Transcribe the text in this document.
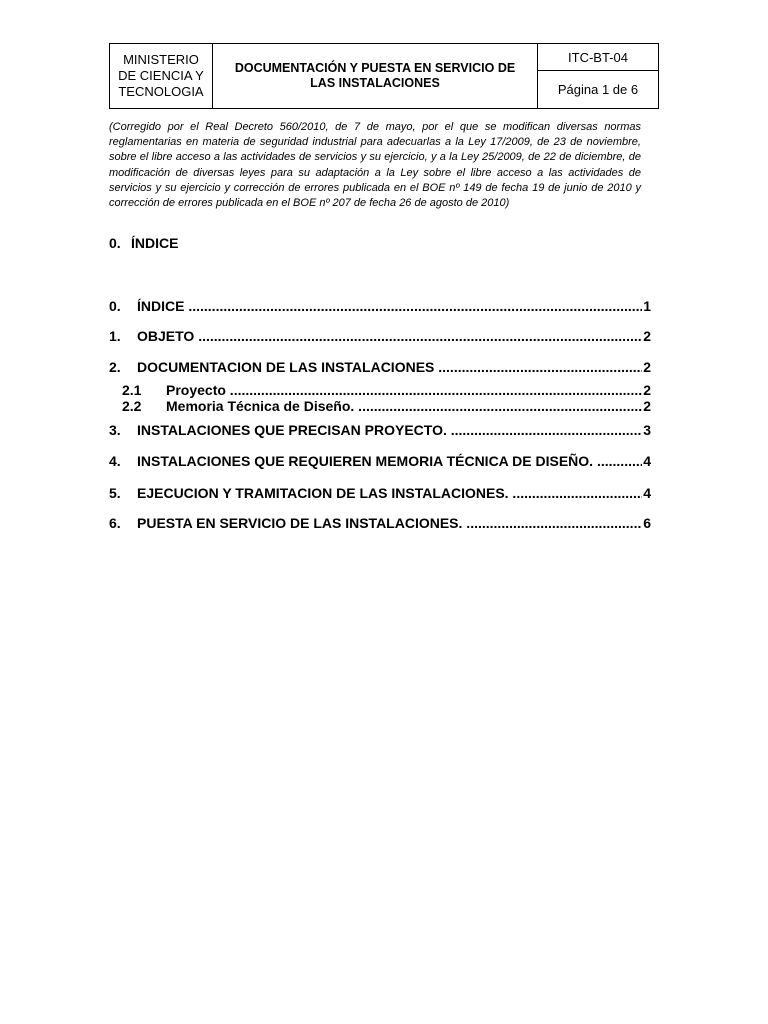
MINISTERIO
DE CIENCIA Y
TECNOLOGIA
DOCUMENTACIÓN Y PUESTA EN SERVICIO DE LAS INSTALACIONES
ITC-BT-04
Página 1 de 6
(Corregido por el Real Decreto 560/2010, de 7 de mayo, por el que se modifican diversas normas reglamentarias en materia de seguridad industrial para adecuarlas a la Ley 17/2009, de 23 de noviembre, sobre el libre acceso a las actividades de servicios y su ejercicio, y a la Ley 25/2009, de 22 de diciembre, de modificación de diversas leyes para su adaptación a la Ley sobre el libre acceso a las actividades de servicios y su ejercicio y corrección de errores publicada en el BOE nº 149 de fecha 19 de junio de 2010 y corrección de errores publicada en el BOE nº 207 de fecha 26 de agosto de 2010)
0. ÍNDICE
0.	ÍNDICE .....	1
1.	OBJETO .....	2
2.	DOCUMENTACION DE LAS INSTALACIONES .....	2
2.1	Proyecto .....	2
2.2	Memoria Técnica de Diseño. .....	2
3.	INSTALACIONES QUE PRECISAN PROYECTO. .....	3
4.	INSTALACIONES QUE REQUIEREN MEMORIA TÉCNICA DE DISEÑO. .....	4
5.	EJECUCION Y TRAMITACION DE LAS INSTALACIONES. .....	4
6.	PUESTA EN SERVICIO DE LAS INSTALACIONES. .....	6
